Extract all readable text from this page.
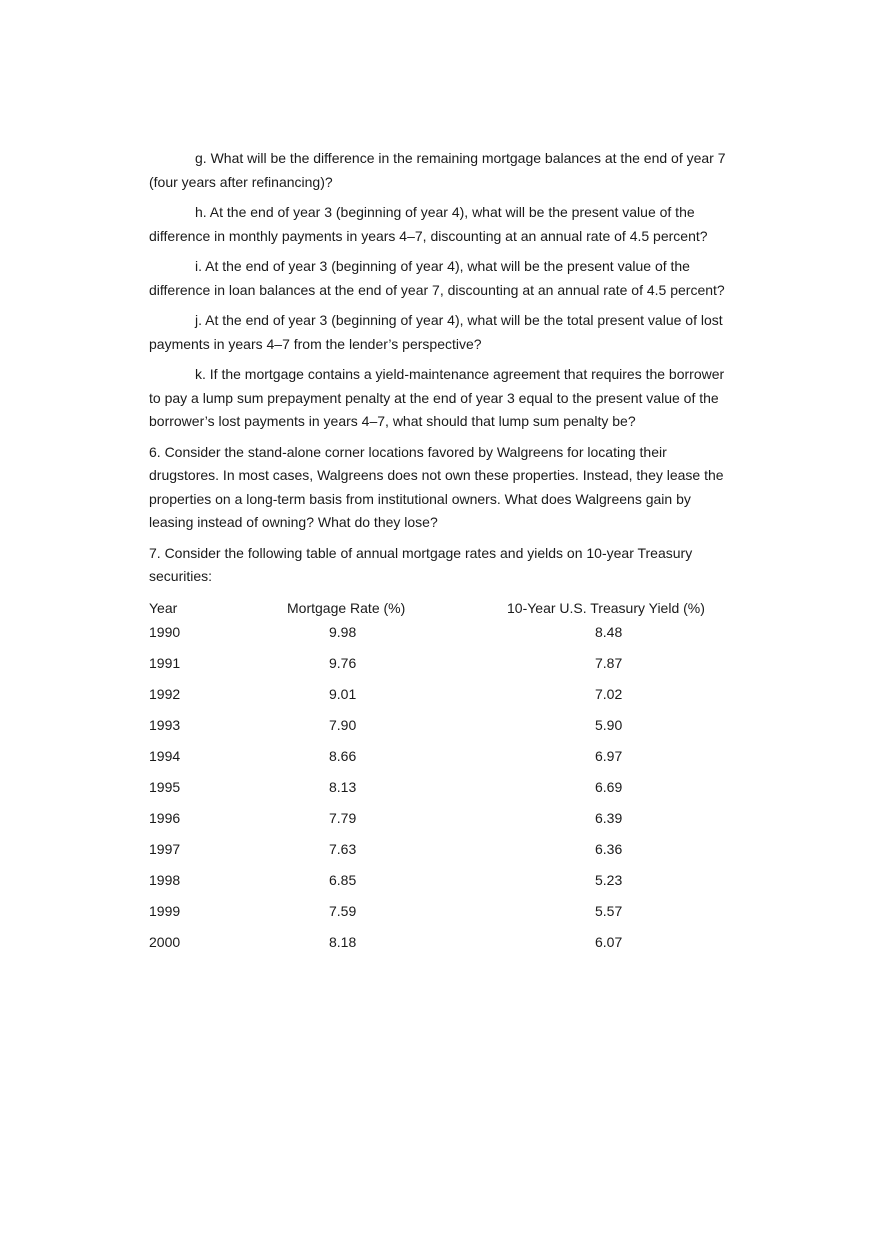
g. What will be the difference in the remaining mortgage balances at the end of year 7 (four years after refinancing)?

h. At the end of year 3 (beginning of year 4), what will be the present value of the difference in monthly payments in years 4–7, discounting at an annual rate of 4.5 percent?

i. At the end of year 3 (beginning of year 4), what will be the present value of the difference in loan balances at the end of year 7, discounting at an annual rate of 4.5 percent?

j. At the end of year 3 (beginning of year 4), what will be the total present value of lost payments in years 4–7 from the lender’s perspective?

k. If the mortgage contains a yield-maintenance agreement that requires the borrower to pay a lump sum prepayment penalty at the end of year 3 equal to the present value of the borrower’s lost payments in years 4–7, what should that lump sum penalty be?

6. Consider the stand-alone corner locations favored by Walgreens for locating their drugstores. In most cases, Walgreens does not own these properties. Instead, they lease the properties on a long-term basis from institutional owners. What does Walgreens gain by leasing instead of owning? What do they lose?

7. Consider the following table of annual mortgage rates and yields on 10-year Treasury securities:

Year	Mortgage Rate (%)	10-Year U.S. Treasury Yield (%)
1990	9.98	8.48
1991	9.76	7.87
1992	9.01	7.02
1993	7.90	5.90
1994	8.66	6.97
1995	8.13	6.69
1996	7.79	6.39
1997	7.63	6.36
1998	6.85	5.23
1999	7.59	5.57
2000	8.18	6.07
